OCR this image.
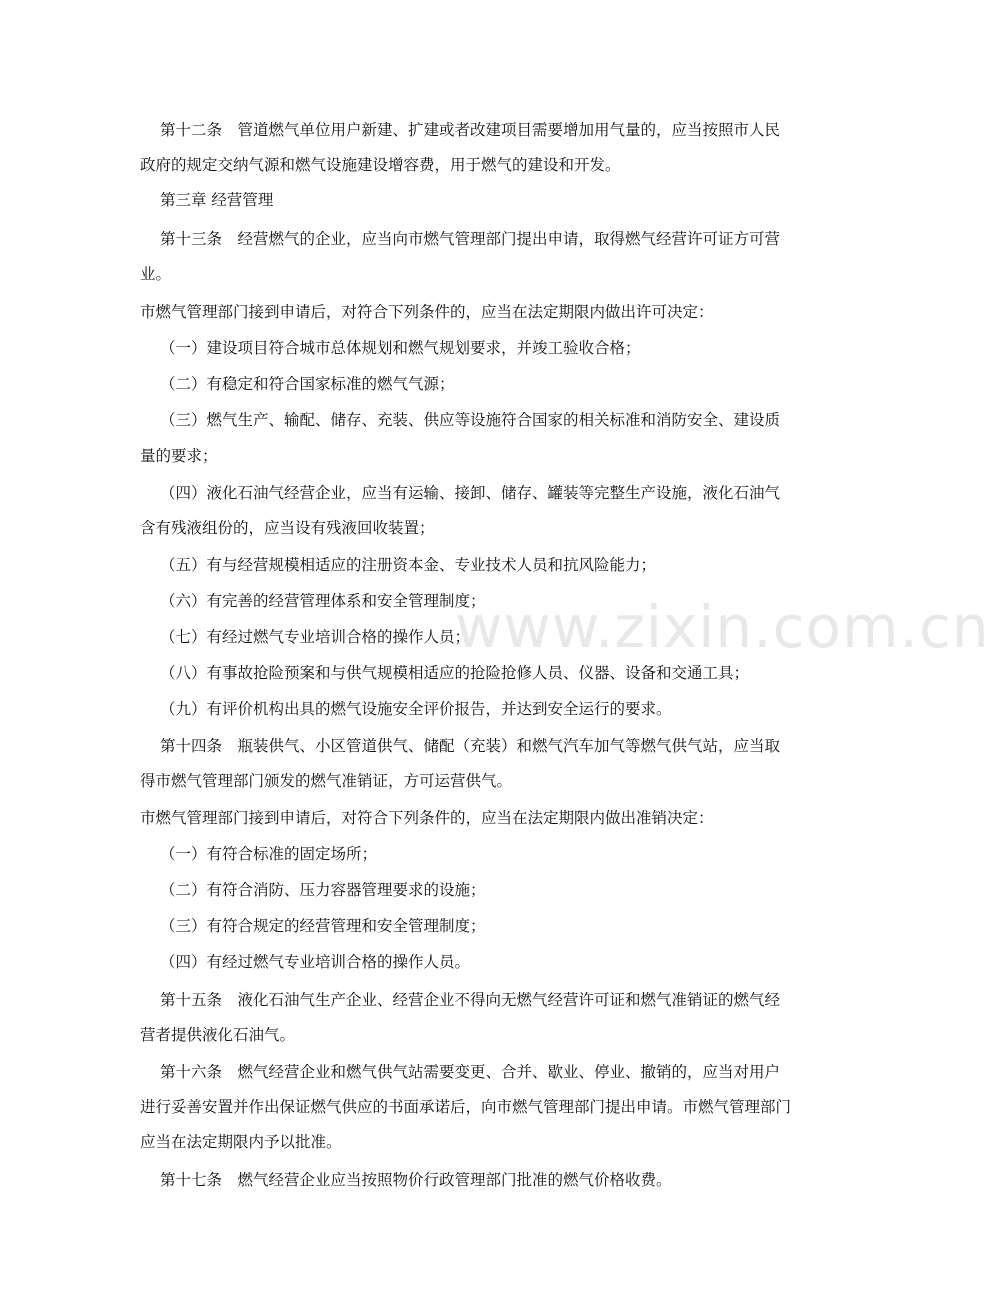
www.zixin.com.cn
第十二条　管道燃气单位用户新建、扩建或者改建项目需要增加用气量的，应当按照市人民
政府的规定交纳气源和燃气设施建设增容费，用于燃气的建设和开发。
第三章 经营管理
第十三条　经营燃气的企业，应当向市燃气管理部门提出申请，取得燃气经营许可证方可营
业。
市燃气管理部门接到申请后，对符合下列条件的，应当在法定期限内做出许可决定：
（一）建设项目符合城市总体规划和燃气规划要求，并竣工验收合格；
（二）有稳定和符合国家标准的燃气气源；
（三）燃气生产、输配、储存、充装、供应等设施符合国家的相关标准和消防安全、建设质
量的要求；
（四）液化石油气经营企业，应当有运输、接卸、储存、罐装等完整生产设施，液化石油气
含有残液组份的，应当设有残液回收装置；
（五）有与经营规模相适应的注册资本金、专业技术人员和抗风险能力；
（六）有完善的经营管理体系和安全管理制度；
（七）有经过燃气专业培训合格的操作人员；
（八）有事故抢险预案和与供气规模相适应的抢险抢修人员、仪器、设备和交通工具；
（九）有评价机构出具的燃气设施安全评价报告，并达到安全运行的要求。
第十四条　瓶装供气、小区管道供气、储配（充装）和燃气汽车加气等燃气供气站，应当取
得市燃气管理部门颁发的燃气准销证，方可运营供气。
市燃气管理部门接到申请后，对符合下列条件的，应当在法定期限内做出准销决定：
（一）有符合标准的固定场所；
（二）有符合消防、压力容器管理要求的设施；
（三）有符合规定的经营管理和安全管理制度；
（四）有经过燃气专业培训合格的操作人员。
第十五条　液化石油气生产企业、经营企业不得向无燃气经营许可证和燃气准销证的燃气经
营者提供液化石油气。
第十六条　燃气经营企业和燃气供气站需要变更、合并、歇业、停业、撤销的，应当对用户
进行妥善安置并作出保证燃气供应的书面承诺后，向市燃气管理部门提出申请。市燃气管理部门
应当在法定期限内予以批准。
第十七条　燃气经营企业应当按照物价行政管理部门批准的燃气价格收费。
